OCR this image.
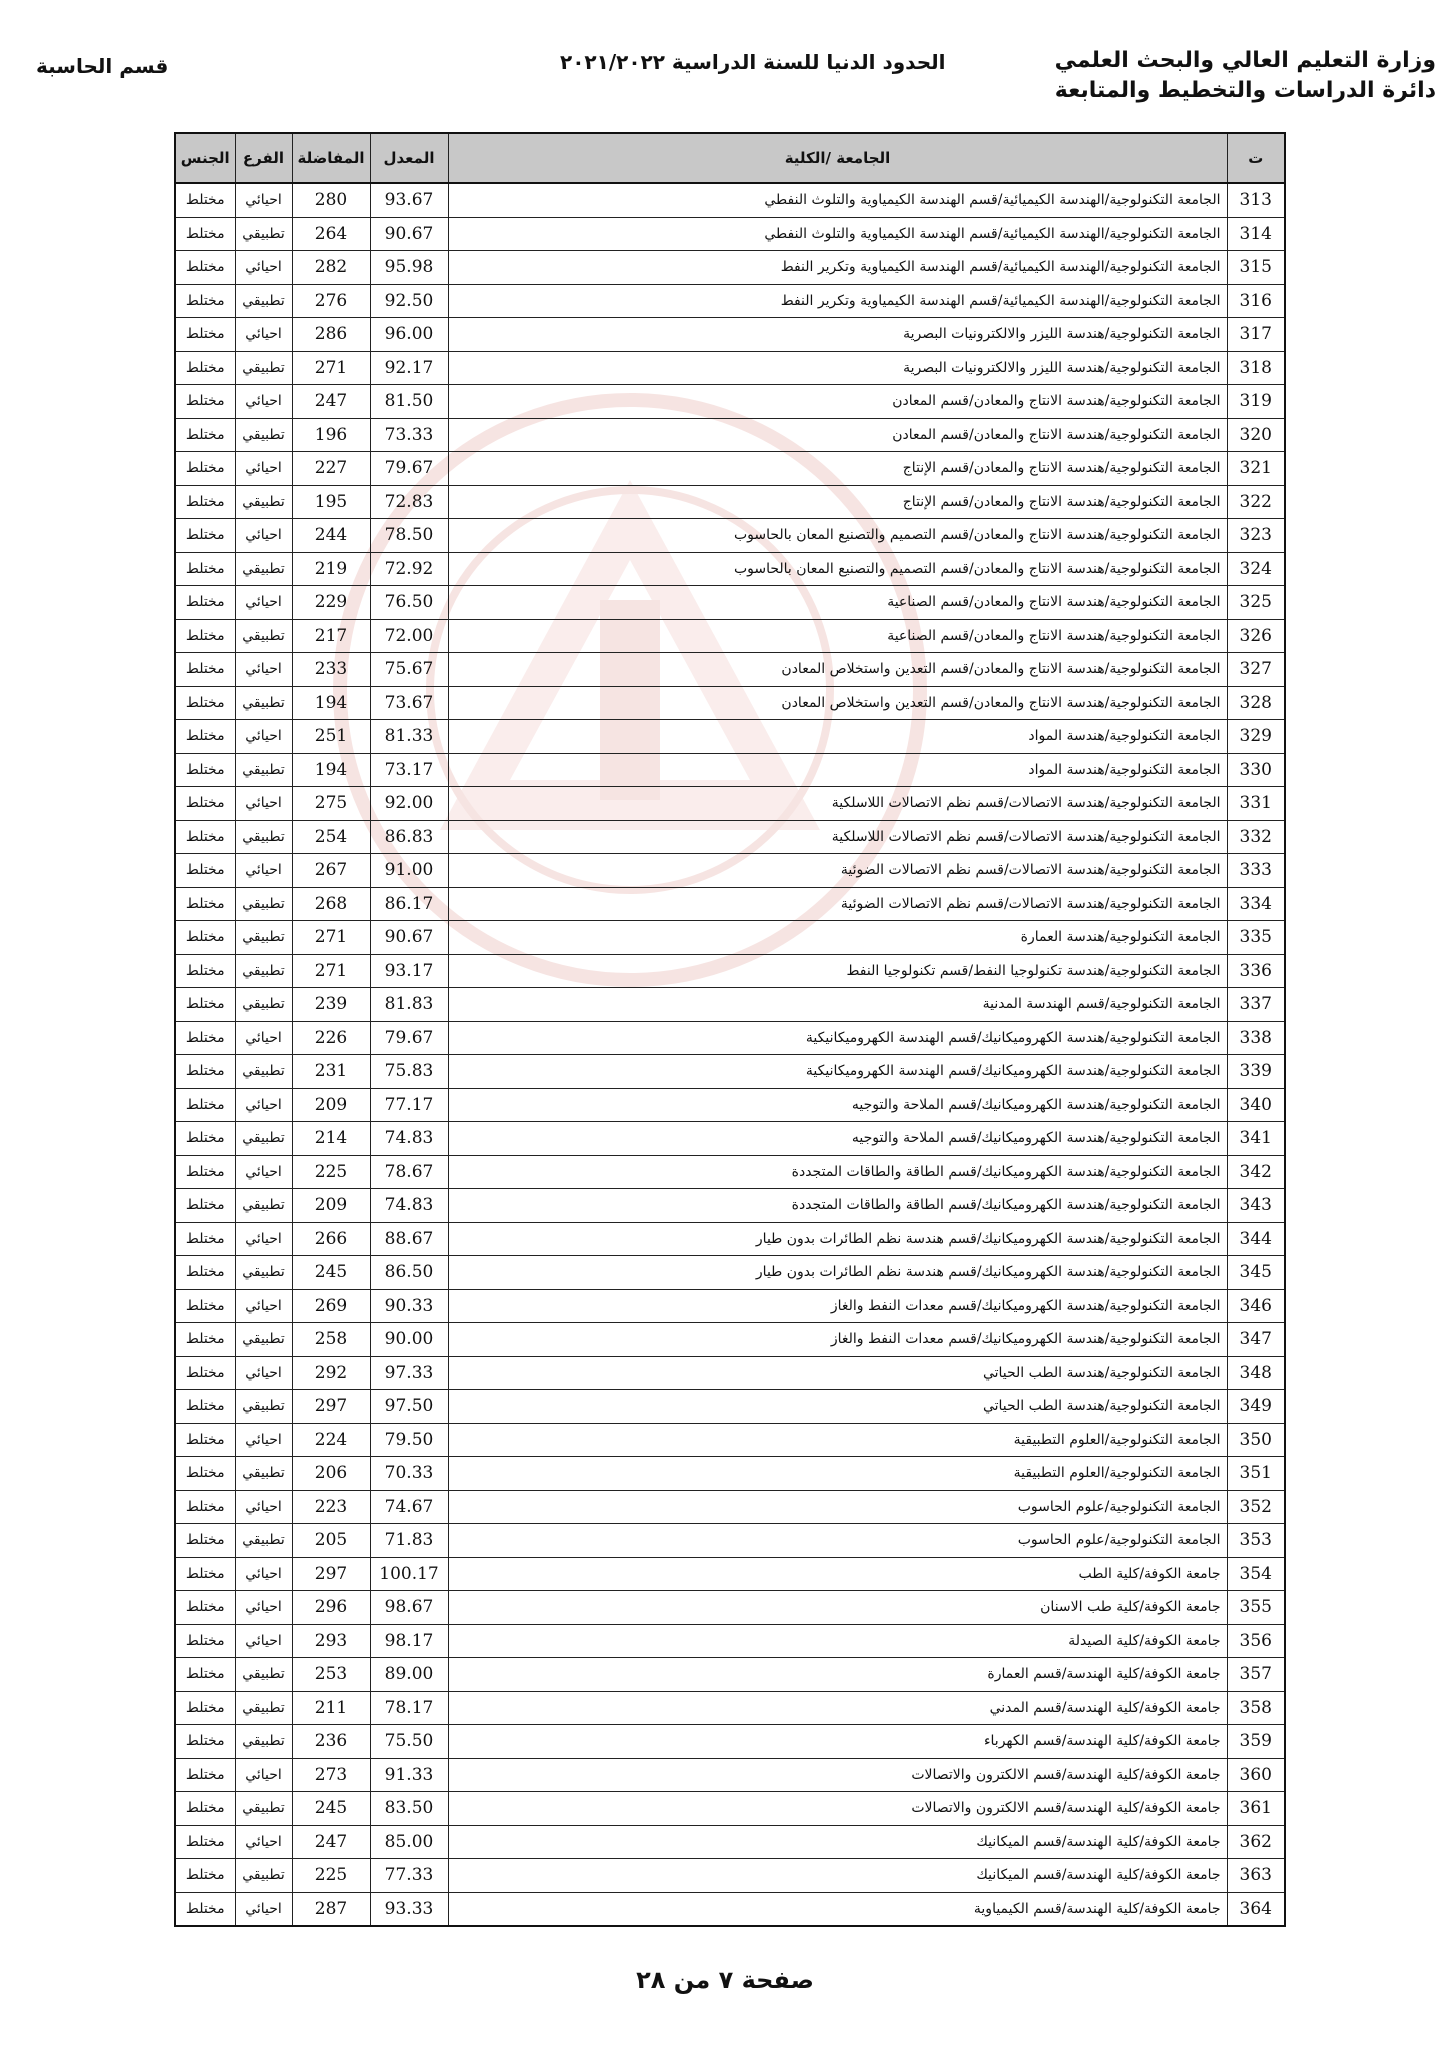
وزارة التعليم العالي والبحث العلمي
دائرة الدراسات والتخطيط والمتابعة
الحدود الدنيا للسنة الدراسية ٢٠٢١/٢٠٢٢
قسم الحاسبة
ت	الجامعة /الكلية	المعدل	المفاضلة	الفرع	الجنس
313	الجامعة التكنولوجية/الهندسة الكيميائية/قسم الهندسة الكيمياوية والتلوث النفطي	93.67	280	احيائي	مختلط
314	الجامعة التكنولوجية/الهندسة الكيميائية/قسم الهندسة الكيمياوية والتلوث النفطي	90.67	264	تطبيقي	مختلط
315	الجامعة التكنولوجية/الهندسة الكيميائية/قسم الهندسة الكيمياوية وتكرير النفط	95.98	282	احيائي	مختلط
316	الجامعة التكنولوجية/الهندسة الكيميائية/قسم الهندسة الكيمياوية وتكرير النفط	92.50	276	تطبيقي	مختلط
317	الجامعة التكنولوجية/هندسة الليزر والالكترونيات البصرية	96.00	286	احيائي	مختلط
318	الجامعة التكنولوجية/هندسة الليزر والالكترونيات البصرية	92.17	271	تطبيقي	مختلط
319	الجامعة التكنولوجية/هندسة الانتاج والمعادن/قسم المعادن	81.50	247	احيائي	مختلط
320	الجامعة التكنولوجية/هندسة الانتاج والمعادن/قسم المعادن	73.33	196	تطبيقي	مختلط
321	الجامعة التكنولوجية/هندسة الانتاج والمعادن/قسم الإنتاج	79.67	227	احيائي	مختلط
322	الجامعة التكنولوجية/هندسة الانتاج والمعادن/قسم الإنتاج	72.83	195	تطبيقي	مختلط
323	الجامعة التكنولوجية/هندسة الانتاج والمعادن/قسم التصميم والتصنيع المعان بالحاسوب	78.50	244	احيائي	مختلط
324	الجامعة التكنولوجية/هندسة الانتاج والمعادن/قسم التصميم والتصنيع المعان بالحاسوب	72.92	219	تطبيقي	مختلط
325	الجامعة التكنولوجية/هندسة الانتاج والمعادن/قسم الصناعية	76.50	229	احيائي	مختلط
326	الجامعة التكنولوجية/هندسة الانتاج والمعادن/قسم الصناعية	72.00	217	تطبيقي	مختلط
327	الجامعة التكنولوجية/هندسة الانتاج والمعادن/قسم التعدين واستخلاص المعادن	75.67	233	احيائي	مختلط
328	الجامعة التكنولوجية/هندسة الانتاج والمعادن/قسم التعدين واستخلاص المعادن	73.67	194	تطبيقي	مختلط
329	الجامعة التكنولوجية/هندسة المواد	81.33	251	احيائي	مختلط
330	الجامعة التكنولوجية/هندسة المواد	73.17	194	تطبيقي	مختلط
331	الجامعة التكنولوجية/هندسة الاتصالات/قسم نظم الاتصالات اللاسلكية	92.00	275	احيائي	مختلط
332	الجامعة التكنولوجية/هندسة الاتصالات/قسم نظم الاتصالات اللاسلكية	86.83	254	تطبيقي	مختلط
333	الجامعة التكنولوجية/هندسة الاتصالات/قسم نظم الاتصالات الضوئية	91.00	267	احيائي	مختلط
334	الجامعة التكنولوجية/هندسة الاتصالات/قسم نظم الاتصالات الضوئية	86.17	268	تطبيقي	مختلط
335	الجامعة التكنولوجية/هندسة العمارة	90.67	271	تطبيقي	مختلط
336	الجامعة التكنولوجية/هندسة تكنولوجيا النفط/قسم تكنولوجيا النفط	93.17	271	تطبيقي	مختلط
337	الجامعة التكنولوجية/قسم الهندسة المدنية	81.83	239	تطبيقي	مختلط
338	الجامعة التكنولوجية/هندسة الكهروميكانيك/قسم الهندسة الكهروميكانيكية	79.67	226	احيائي	مختلط
339	الجامعة التكنولوجية/هندسة الكهروميكانيك/قسم الهندسة الكهروميكانيكية	75.83	231	تطبيقي	مختلط
340	الجامعة التكنولوجية/هندسة الكهروميكانيك/قسم الملاحة والتوجيه	77.17	209	احيائي	مختلط
341	الجامعة التكنولوجية/هندسة الكهروميكانيك/قسم الملاحة والتوجيه	74.83	214	تطبيقي	مختلط
342	الجامعة التكنولوجية/هندسة الكهروميكانيك/قسم الطاقة والطاقات المتجددة	78.67	225	احيائي	مختلط
343	الجامعة التكنولوجية/هندسة الكهروميكانيك/قسم الطاقة والطاقات المتجددة	74.83	209	تطبيقي	مختلط
344	الجامعة التكنولوجية/هندسة الكهروميكانيك/قسم هندسة نظم الطائرات بدون طيار	88.67	266	احيائي	مختلط
345	الجامعة التكنولوجية/هندسة الكهروميكانيك/قسم هندسة نظم الطائرات بدون طيار	86.50	245	تطبيقي	مختلط
346	الجامعة التكنولوجية/هندسة الكهروميكانيك/قسم معدات النفط والغاز	90.33	269	احيائي	مختلط
347	الجامعة التكنولوجية/هندسة الكهروميكانيك/قسم معدات النفط والغاز	90.00	258	تطبيقي	مختلط
348	الجامعة التكنولوجية/هندسة الطب الحياتي	97.33	292	احيائي	مختلط
349	الجامعة التكنولوجية/هندسة الطب الحياتي	97.50	297	تطبيقي	مختلط
350	الجامعة التكنولوجية/العلوم التطبيقية	79.50	224	احيائي	مختلط
351	الجامعة التكنولوجية/العلوم التطبيقية	70.33	206	تطبيقي	مختلط
352	الجامعة التكنولوجية/علوم الحاسوب	74.67	223	احيائي	مختلط
353	الجامعة التكنولوجية/علوم الحاسوب	71.83	205	تطبيقي	مختلط
354	جامعة الكوفة/كلية الطب	100.17	297	احيائي	مختلط
355	جامعة الكوفة/كلية طب الاسنان	98.67	296	احيائي	مختلط
356	جامعة الكوفة/كلية الصيدلة	98.17	293	احيائي	مختلط
357	جامعة الكوفة/كلية الهندسة/قسم العمارة	89.00	253	تطبيقي	مختلط
358	جامعة الكوفة/كلية الهندسة/قسم المدني	78.17	211	تطبيقي	مختلط
359	جامعة الكوفة/كلية الهندسة/قسم الكهرباء	75.50	236	تطبيقي	مختلط
360	جامعة الكوفة/كلية الهندسة/قسم الالكترون والاتصالات	91.33	273	احيائي	مختلط
361	جامعة الكوفة/كلية الهندسة/قسم الالكترون والاتصالات	83.50	245	تطبيقي	مختلط
362	جامعة الكوفة/كلية الهندسة/قسم الميكانيك	85.00	247	احيائي	مختلط
363	جامعة الكوفة/كلية الهندسة/قسم الميكانيك	77.33	225	تطبيقي	مختلط
364	جامعة الكوفة/كلية الهندسة/قسم الكيمياوية	93.33	287	احيائي	مختلط
صفحة ٧ من ٢٨
